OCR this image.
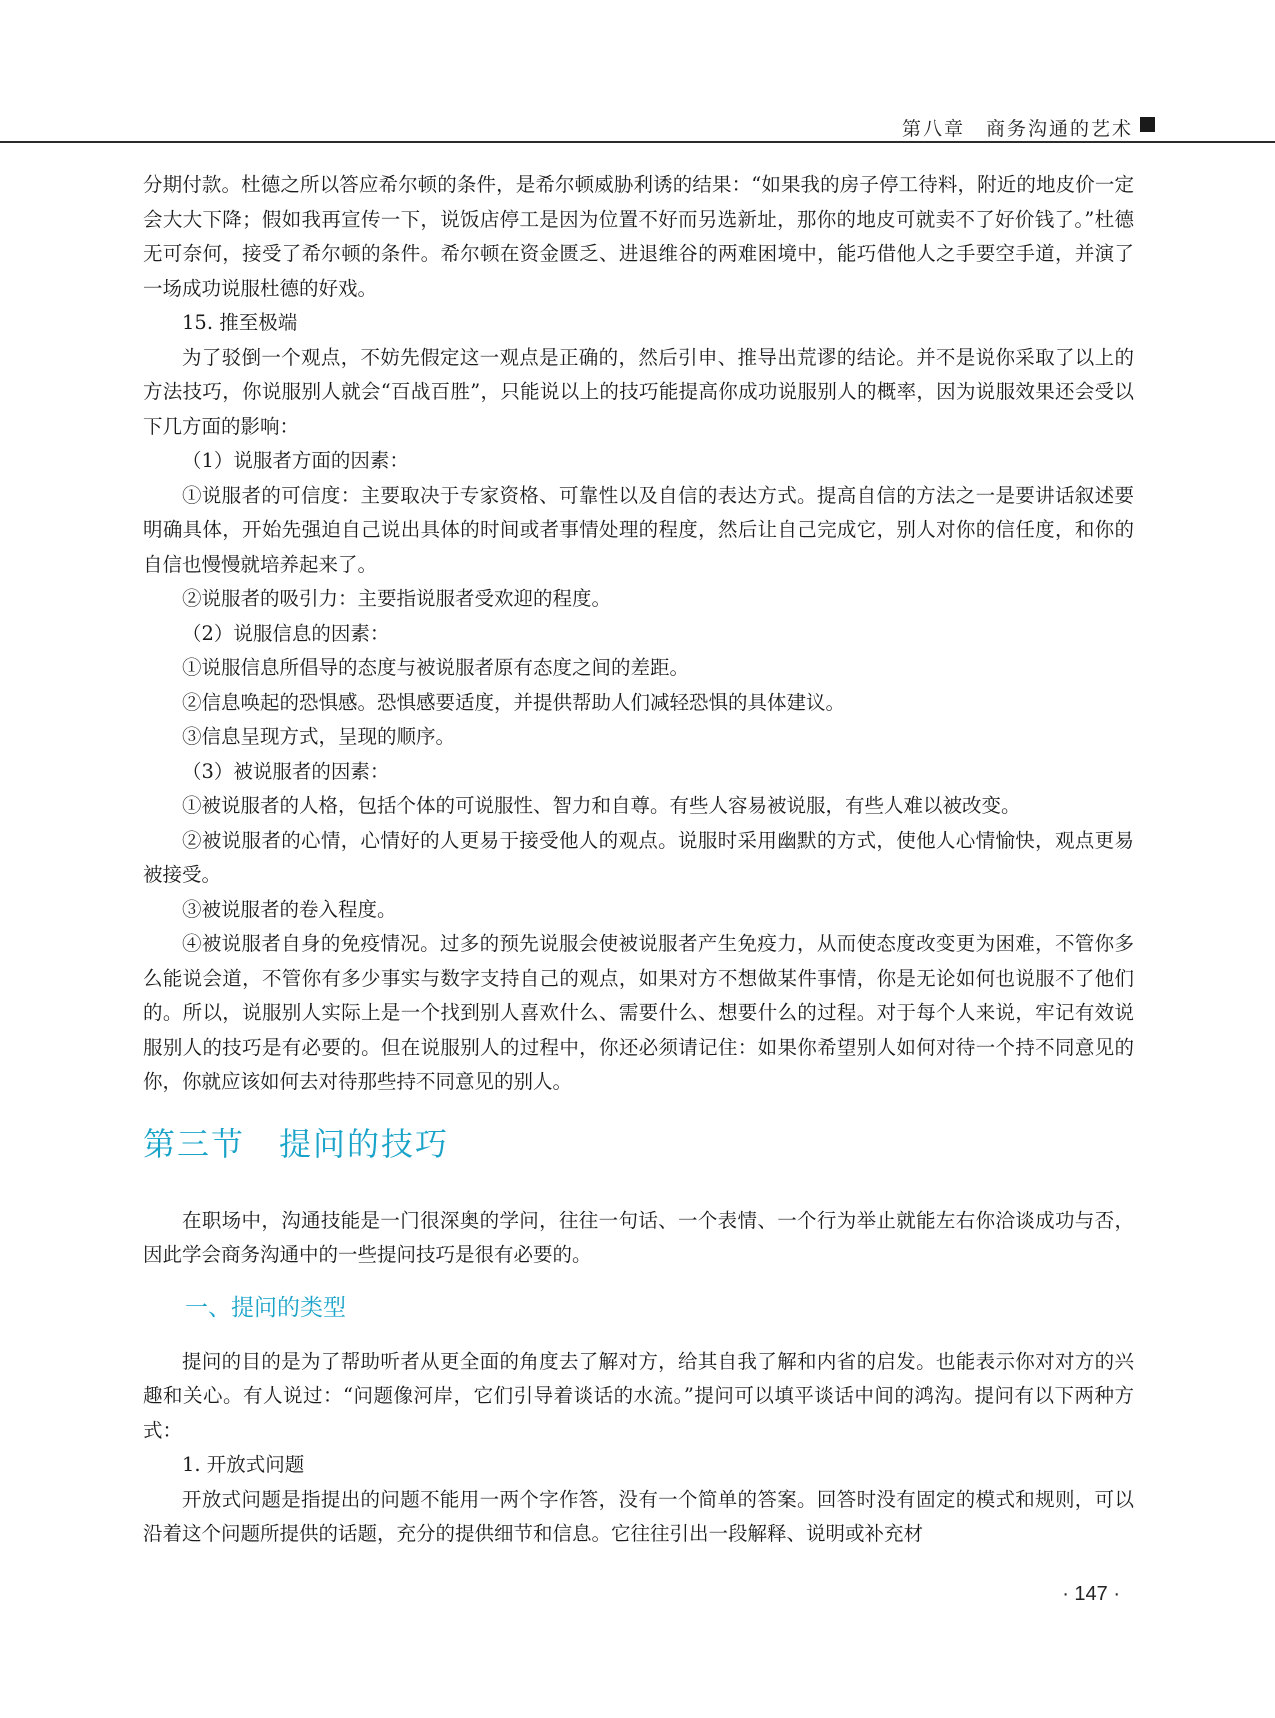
第八章　商务沟通的艺术

分期付款。杜德之所以答应希尔顿的条件，是希尔顿威胁利诱的结果：“如果我的房子停工待料，附近的地皮价一定会大大下降；假如我再宣传一下，说饭店停工是因为位置不好而另选新址，那你的地皮可就卖不了好价钱了。”杜德无可奈何，接受了希尔顿的条件。希尔顿在资金匮乏、进退维谷的两难困境中，能巧借他人之手要空手道，并演了一场成功说服杜德的好戏。

15. 推至极端

为了驳倒一个观点，不妨先假定这一观点是正确的，然后引申、推导出荒谬的结论。并不是说你采取了以上的方法技巧，你说服别人就会“百战百胜”，只能说以上的技巧能提高你成功说服别人的概率，因为说服效果还会受以下几方面的影响：

（1）说服者方面的因素：

①说服者的可信度：主要取决于专家资格、可靠性以及自信的表达方式。提高自信的方法之一是要讲话叙述要明确具体，开始先强迫自己说出具体的时间或者事情处理的程度，然后让自己完成它，别人对你的信任度，和你的自信也慢慢就培养起来了。

②说服者的吸引力：主要指说服者受欢迎的程度。

（2）说服信息的因素：

①说服信息所倡导的态度与被说服者原有态度之间的差距。

②信息唤起的恐惧感。恐惧感要适度，并提供帮助人们减轻恐惧的具体建议。

③信息呈现方式，呈现的顺序。

（3）被说服者的因素：

①被说服者的人格，包括个体的可说服性、智力和自尊。有些人容易被说服，有些人难以被改变。

②被说服者的心情，心情好的人更易于接受他人的观点。说服时采用幽默的方式，使他人心情愉快，观点更易被接受。

③被说服者的卷入程度。

④被说服者自身的免疫情况。过多的预先说服会使被说服者产生免疫力，从而使态度改变更为困难，不管你多么能说会道，不管你有多少事实与数字支持自己的观点，如果对方不想做某件事情，你是无论如何也说服不了他们的。所以，说服别人实际上是一个找到别人喜欢什么、需要什么、想要什么的过程。对于每个人来说，牢记有效说服别人的技巧是有必要的。但在说服别人的过程中，你还必须请记住：如果你希望别人如何对待一个持不同意见的你，你就应该如何去对待那些持不同意见的别人。

第三节 提问的技巧

在职场中，沟通技能是一门很深奥的学问，往往一句话、一个表情、一个行为举止就能左右你洽谈成功与否，因此学会商务沟通中的一些提问技巧是很有必要的。

一、提问的类型

提问的目的是为了帮助听者从更全面的角度去了解对方，给其自我了解和内省的启发。也能表示你对对方的兴趣和关心。有人说过：“问题像河岸，它们引导着谈话的水流。”提问可以填平谈话中间的鸿沟。提问有以下两种方式：

1. 开放式问题

开放式问题是指提出的问题不能用一两个字作答，没有一个简单的答案。回答时没有固定的模式和规则，可以沿着这个问题所提供的话题，充分的提供细节和信息。它往往引出一段解释、说明或补充材

· 147 ·
